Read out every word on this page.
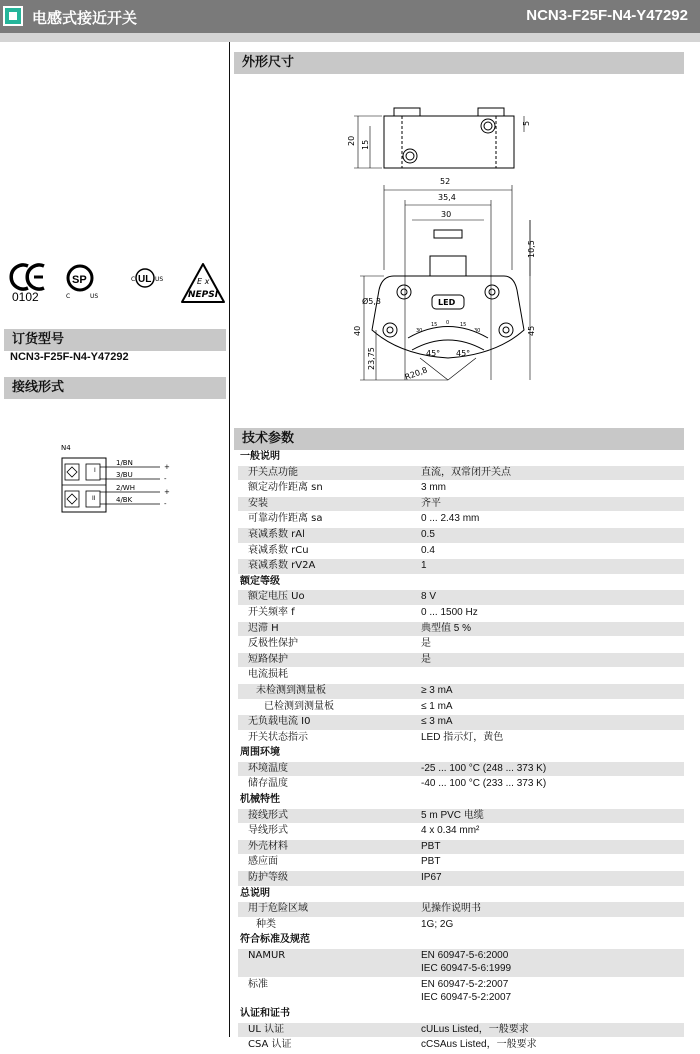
电感式接近开关	NCN3-F25F-N4-Y47292
外形尺寸
订货型号
接线形式
技术参数
0102
SP
C	US
UL
C	US	E x
NEPSI
NCN3-F25F-N4-Y47292
N4
I
II
1/BN
3/BU
2/WH
4/BK
+
-
+
-
20 15
5
52
35,4
30
10,5
45
40
23,75
Ø5,3	LED
45° 45°
R20,8
30
15 0 15
30
一般说明
开关点功能	直流，双常闭开关点
额定动作距离 sn	3 mm
安装	齐平
可靠动作距离 sa	0 ... 2.43 mm
衰减系数 rAl	0.5
衰减系数 rCu	0.4
衰减系数 rV2A	1
额定等级
额定电压 Uo	8 V
开关频率 f	0 ... 1500 Hz
迟滞 H	典型值 5 %
反极性保护	是
短路保护	是
电流损耗
未检测到测量板	≥ 3 mA
已检测到测量板	≤ 1 mA
无负载电流 I0	≤ 3 mA
开关状态指示	LED 指示灯，黄色
周围环境
环境温度	-25 ... 100 °C (248 ... 373 K)
储存温度	-40 ... 100 °C (233 ... 373 K)
机械特性
接线形式	5 m PVC 电缆
导线形式	4 x 0.34 mm²
外壳材料	PBT
感应面	PBT
防护等级	IP67
总说明
用于危险区域	见操作说明书
种类	1G; 2G
符合标准及规范
NAMUR	EN 60947-5-6:2000
IEC 60947-5-6:1999
标准	EN 60947-5-2:2007
IEC 60947-5-2:2007
认证和证书
UL 认证	cULus Listed，一般要求
CSA 认证	cCSAus Listed，一般要求
